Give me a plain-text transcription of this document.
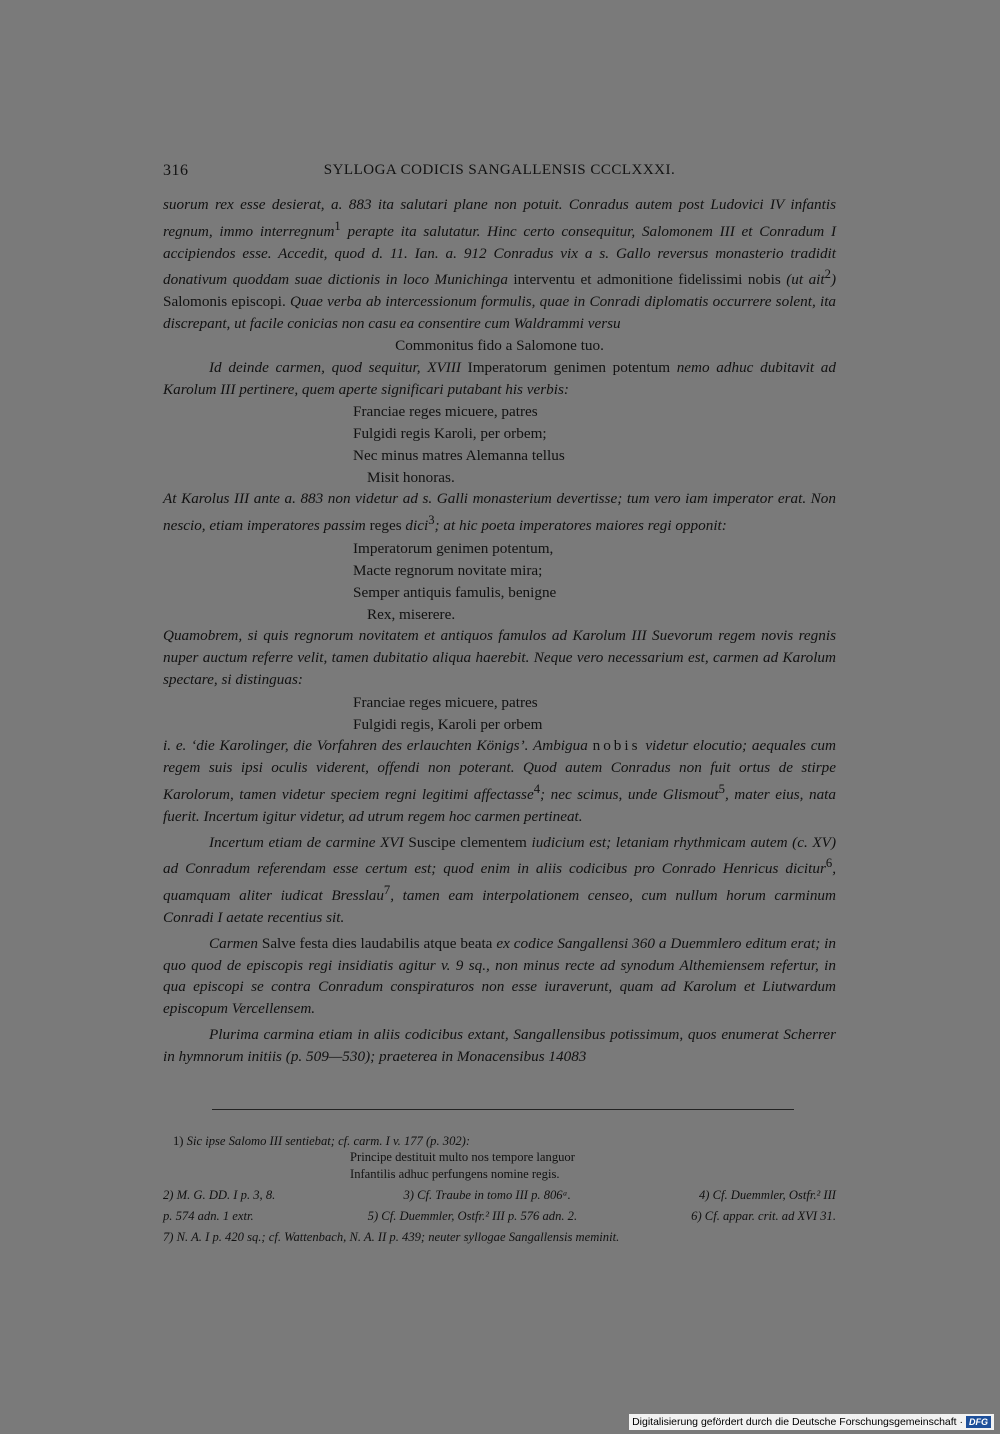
316	SYLLOGA CODICIS SANGALLENSIS CCCLXXXI.

suorum rex esse desierat, a. 883 ita salutari plane non potuit. Conradus autem post Ludovici IV infantis regnum, immo interregnum$^1$ perapte ita salutatur. Hinc certo consequitur, Salomonem III et Conradum I accipiendos esse. Accedit, quod d. 11. Ian. a. 912 Conradus vix a s. Gallo reversus monasterio tradidit donativum quoddam suae dictionis in loco Munichinga interventu et admonitione fidelissimi nobis (ut ait$^2$) Salomonis episcopi. Quae verba ab intercessionum formulis, quae in Conradi diplomatis occurrere solent, ita discrepant, ut facile conicias non casu ea consentire cum Waldrammi versu

Commonitus fido a Salomone tuo.

Id deinde carmen, quod sequitur, XVIII Imperatorum genimen potentum nemo adhuc dubitavit ad Karolum III pertinere, quem aperte significari putabant his verbis:

Franciae reges micuere, patres
Fulgidi regis Karoli, per orbem;
Nec minus matres Alemanna tellus
Misit honoras.

At Karolus III ante a. 883 non videtur ad s. Galli monasterium devertisse; tum vero iam imperator erat. Non nescio, etiam imperatores passim reges dici$^3$; at hic poeta imperatores maiores regi opponit:

Imperatorum genimen potentum,
Macte regnorum novitate mira;
Semper antiquis famulis, benigne
Rex, miserere.

Quamobrem, si quis regnorum novitatem et antiquos famulos ad Karolum III Suevorum regem novis regnis nuper auctum referre velit, tamen dubitatio aliqua haerebit. Neque vero necessarium est, carmen ad Karolum spectare, si distinguas:

Franciae reges micuere, patres
Fulgidi regis, Karoli per orbem

i. e. ‘die Karolinger, die Vorfahren des erlauchten Königs’. Ambigua nobis videtur elocutio; aequales cum regem suis ipsi oculis viderent, offendi non poterant. Quod autem Conradus non fuit ortus de stirpe Karolorum, tamen videtur speciem regni legitimi affectasse$^4$; nec scimus, unde Glismout$^5$, mater eius, nata fuerit. Incertum igitur videtur, ad utrum regem hoc carmen pertineat.

Incertum etiam de carmine XVI Suscipe clementem iudicium est; letaniam rhythmicam autem (c. XV) ad Conradum referendam esse certum est; quod enim in aliis codicibus pro Conrado Henricus dicitur$^6$, quamquam aliter iudicat Bresslau$^7$, tamen eam interpolationem censeo, cum nullum horum carminum Conradi I aetate recentius sit.

Carmen Salve festa dies laudabilis atque beata ex codice Sangallensi 360 a Duemmlero editum erat; in quo quod de episcopis regi insidiatis agitur v. 9 sq., non minus recte ad synodum Althemiensem refertur, in qua episcopi se contra Conradum conspiraturos non esse iuraverunt, quam ad Karolum et Liutwardum episcopum Vercellensem.

Plurima carmina etiam in aliis codicibus extant, Sangallensibus potissimum, quos enumerat Scherrer in hymnorum initiis (p. 509—530); praeterea in Monacensibus 14083

1) Sic ipse Salomo III sentiebat; cf. carm. I v. 177 (p. 302):
Principe destituit multo nos tempore languor
Infantilis adhuc perfungens nomine regis.
2) M. G. DD. I p. 3, 8.	3) Cf. Traube in tomo III p. 806ᵃ.	4) Cf. Duemmler, Ostfr.² III
p. 574 adn. 1 extr.	5) Cf. Duemmler, Ostfr.² III p. 576 adn. 2.	6) Cf. appar. crit. ad XVI 31.
7) N. A. I p. 420 sq.; cf. Wattenbach, N. A. II p. 439; neuter syllogae Sangallensis meminit.
Digitalisierung gefördert durch die Deutsche Forschungsgemeinschaft · DFG
